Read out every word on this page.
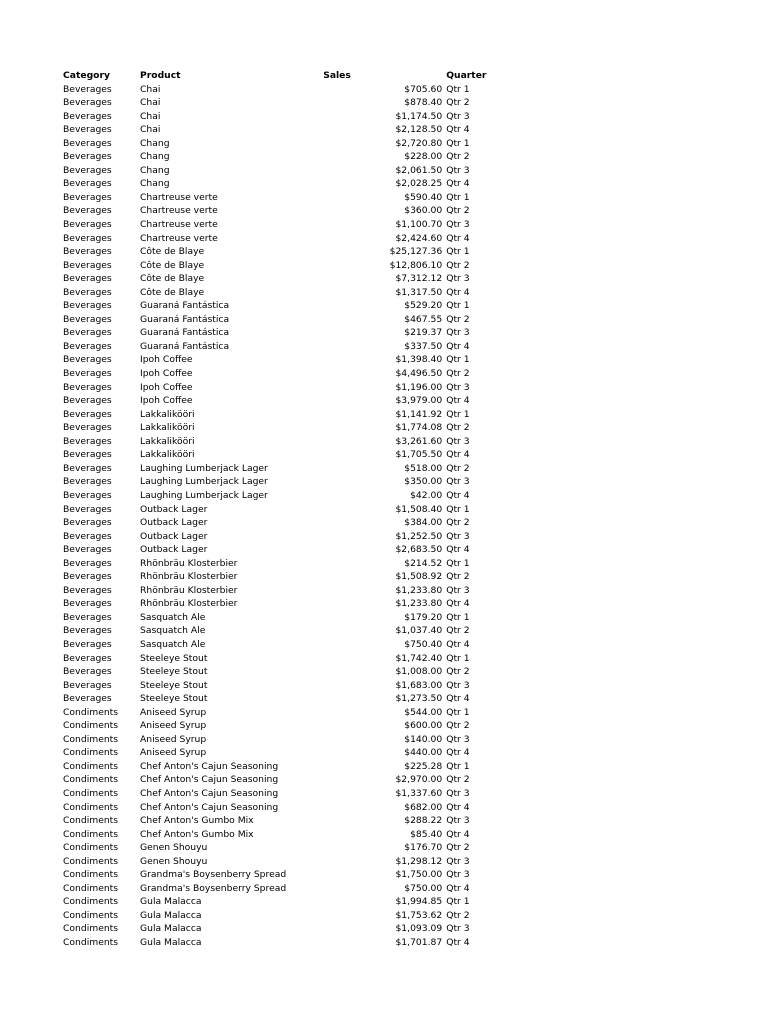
Category	Product	Sales	Quarter
Beverages	Chai	$705.60	Qtr 1
Beverages	Chai	$878.40	Qtr 2
Beverages	Chai	$1,174.50	Qtr 3
Beverages	Chai	$2,128.50	Qtr 4
Beverages	Chang	$2,720.80	Qtr 1
Beverages	Chang	$228.00	Qtr 2
Beverages	Chang	$2,061.50	Qtr 3
Beverages	Chang	$2,028.25	Qtr 4
Beverages	Chartreuse verte	$590.40	Qtr 1
Beverages	Chartreuse verte	$360.00	Qtr 2
Beverages	Chartreuse verte	$1,100.70	Qtr 3
Beverages	Chartreuse verte	$2,424.60	Qtr 4
Beverages	Côte de Blaye	$25,127.36	Qtr 1
Beverages	Côte de Blaye	$12,806.10	Qtr 2
Beverages	Côte de Blaye	$7,312.12	Qtr 3
Beverages	Côte de Blaye	$1,317.50	Qtr 4
Beverages	Guaraná Fantástica	$529.20	Qtr 1
Beverages	Guaraná Fantástica	$467.55	Qtr 2
Beverages	Guaraná Fantástica	$219.37	Qtr 3
Beverages	Guaraná Fantástica	$337.50	Qtr 4
Beverages	Ipoh Coffee	$1,398.40	Qtr 1
Beverages	Ipoh Coffee	$4,496.50	Qtr 2
Beverages	Ipoh Coffee	$1,196.00	Qtr 3
Beverages	Ipoh Coffee	$3,979.00	Qtr 4
Beverages	Lakkalikööri	$1,141.92	Qtr 1
Beverages	Lakkalikööri	$1,774.08	Qtr 2
Beverages	Lakkalikööri	$3,261.60	Qtr 3
Beverages	Lakkalikööri	$1,705.50	Qtr 4
Beverages	Laughing Lumberjack Lager	$518.00	Qtr 2
Beverages	Laughing Lumberjack Lager	$350.00	Qtr 3
Beverages	Laughing Lumberjack Lager	$42.00	Qtr 4
Beverages	Outback Lager	$1,508.40	Qtr 1
Beverages	Outback Lager	$384.00	Qtr 2
Beverages	Outback Lager	$1,252.50	Qtr 3
Beverages	Outback Lager	$2,683.50	Qtr 4
Beverages	Rhönbräu Klosterbier	$214.52	Qtr 1
Beverages	Rhönbräu Klosterbier	$1,508.92	Qtr 2
Beverages	Rhönbräu Klosterbier	$1,233.80	Qtr 3
Beverages	Rhönbräu Klosterbier	$1,233.80	Qtr 4
Beverages	Sasquatch Ale	$179.20	Qtr 1
Beverages	Sasquatch Ale	$1,037.40	Qtr 2
Beverages	Sasquatch Ale	$750.40	Qtr 4
Beverages	Steeleye Stout	$1,742.40	Qtr 1
Beverages	Steeleye Stout	$1,008.00	Qtr 2
Beverages	Steeleye Stout	$1,683.00	Qtr 3
Beverages	Steeleye Stout	$1,273.50	Qtr 4
Condiments	Aniseed Syrup	$544.00	Qtr 1
Condiments	Aniseed Syrup	$600.00	Qtr 2
Condiments	Aniseed Syrup	$140.00	Qtr 3
Condiments	Aniseed Syrup	$440.00	Qtr 4
Condiments	Chef Anton's Cajun Seasoning	$225.28	Qtr 1
Condiments	Chef Anton's Cajun Seasoning	$2,970.00	Qtr 2
Condiments	Chef Anton's Cajun Seasoning	$1,337.60	Qtr 3
Condiments	Chef Anton's Cajun Seasoning	$682.00	Qtr 4
Condiments	Chef Anton's Gumbo Mix	$288.22	Qtr 3
Condiments	Chef Anton's Gumbo Mix	$85.40	Qtr 4
Condiments	Genen Shouyu	$176.70	Qtr 2
Condiments	Genen Shouyu	$1,298.12	Qtr 3
Condiments	Grandma's Boysenberry Spread	$1,750.00	Qtr 3
Condiments	Grandma's Boysenberry Spread	$750.00	Qtr 4
Condiments	Gula Malacca	$1,994.85	Qtr 1
Condiments	Gula Malacca	$1,753.62	Qtr 2
Condiments	Gula Malacca	$1,093.09	Qtr 3
Condiments	Gula Malacca	$1,701.87	Qtr 4
